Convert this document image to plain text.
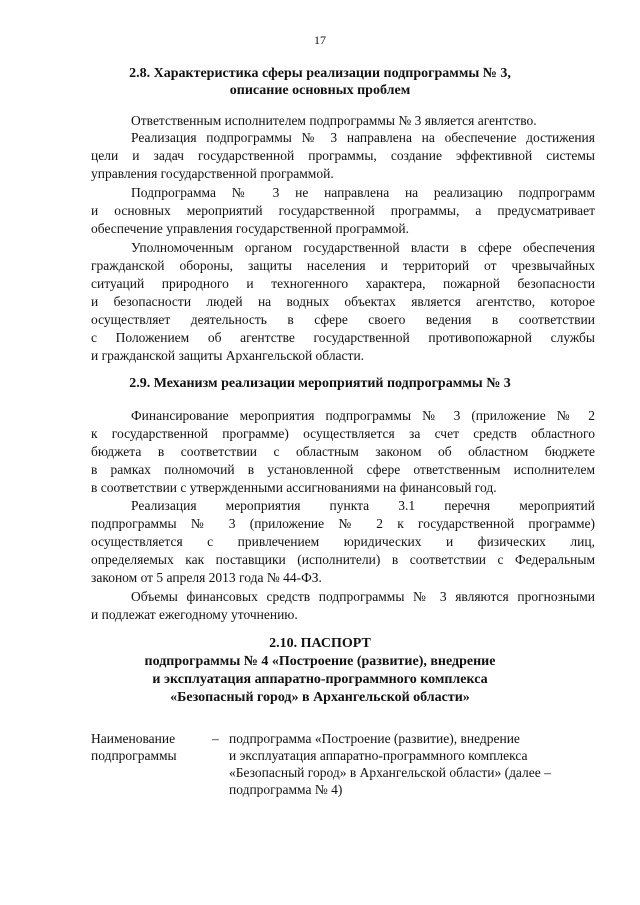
17
2.8. Характеристика сферы реализации подпрограммы № 3,
описание основных проблем
Ответственным исполнителем подпрограммы № 3 является агентство.
Реализация подпрограммы № 3 направлена на обеспечение достижения
цели и задач государственной программы, создание эффективной системы
управления государственной программой.
Подпрограмма № 3 не направлена на реализацию подпрограмм
и основных мероприятий государственной программы, а предусматривает
обеспечение управления государственной программой.
Уполномоченным органом государственной власти в сфере обеспечения
гражданской обороны, защиты населения и территорий от чрезвычайных
ситуаций природного и техногенного характера, пожарной безопасности
и безопасности людей на водных объектах является агентство, которое
осуществляет деятельность в сфере своего ведения в соответствии
с Положением об агентстве государственной противопожарной службы
и гражданской защиты Архангельской области.
2.9. Механизм реализации мероприятий подпрограммы № 3
Финансирование мероприятия подпрограммы № 3 (приложение № 2
к государственной программе) осуществляется за счет средств областного
бюджета в соответствии с областным законом об областном бюджете
в рамках полномочий в установленной сфере ответственным исполнителем
в соответствии с утвержденными ассигнованиями на финансовый год.
Реализация мероприятия пункта 3.1 перечня мероприятий
подпрограммы № 3 (приложение № 2 к государственной программе)
осуществляется с привлечением юридических и физических лиц,
определяемых как поставщики (исполнители) в соответствии с Федеральным
законом от 5 апреля 2013 года № 44-ФЗ.
Объемы финансовых средств подпрограммы № 3 являются прогнозными
и подлежат ежегодному уточнению.
2.10. ПАСПОРТ
подпрограммы № 4 «Построение (развитие), внедрение
и эксплуатация аппаратно-программного комплекса
«Безопасный город» в Архангельской области»
Наименование
подпрограммы
– подпрограмма «Построение (развитие), внедрение
и эксплуатация аппаратно-программного комплекса
«Безопасный город» в Архангельской области» (далее –
подпрограмма № 4)
